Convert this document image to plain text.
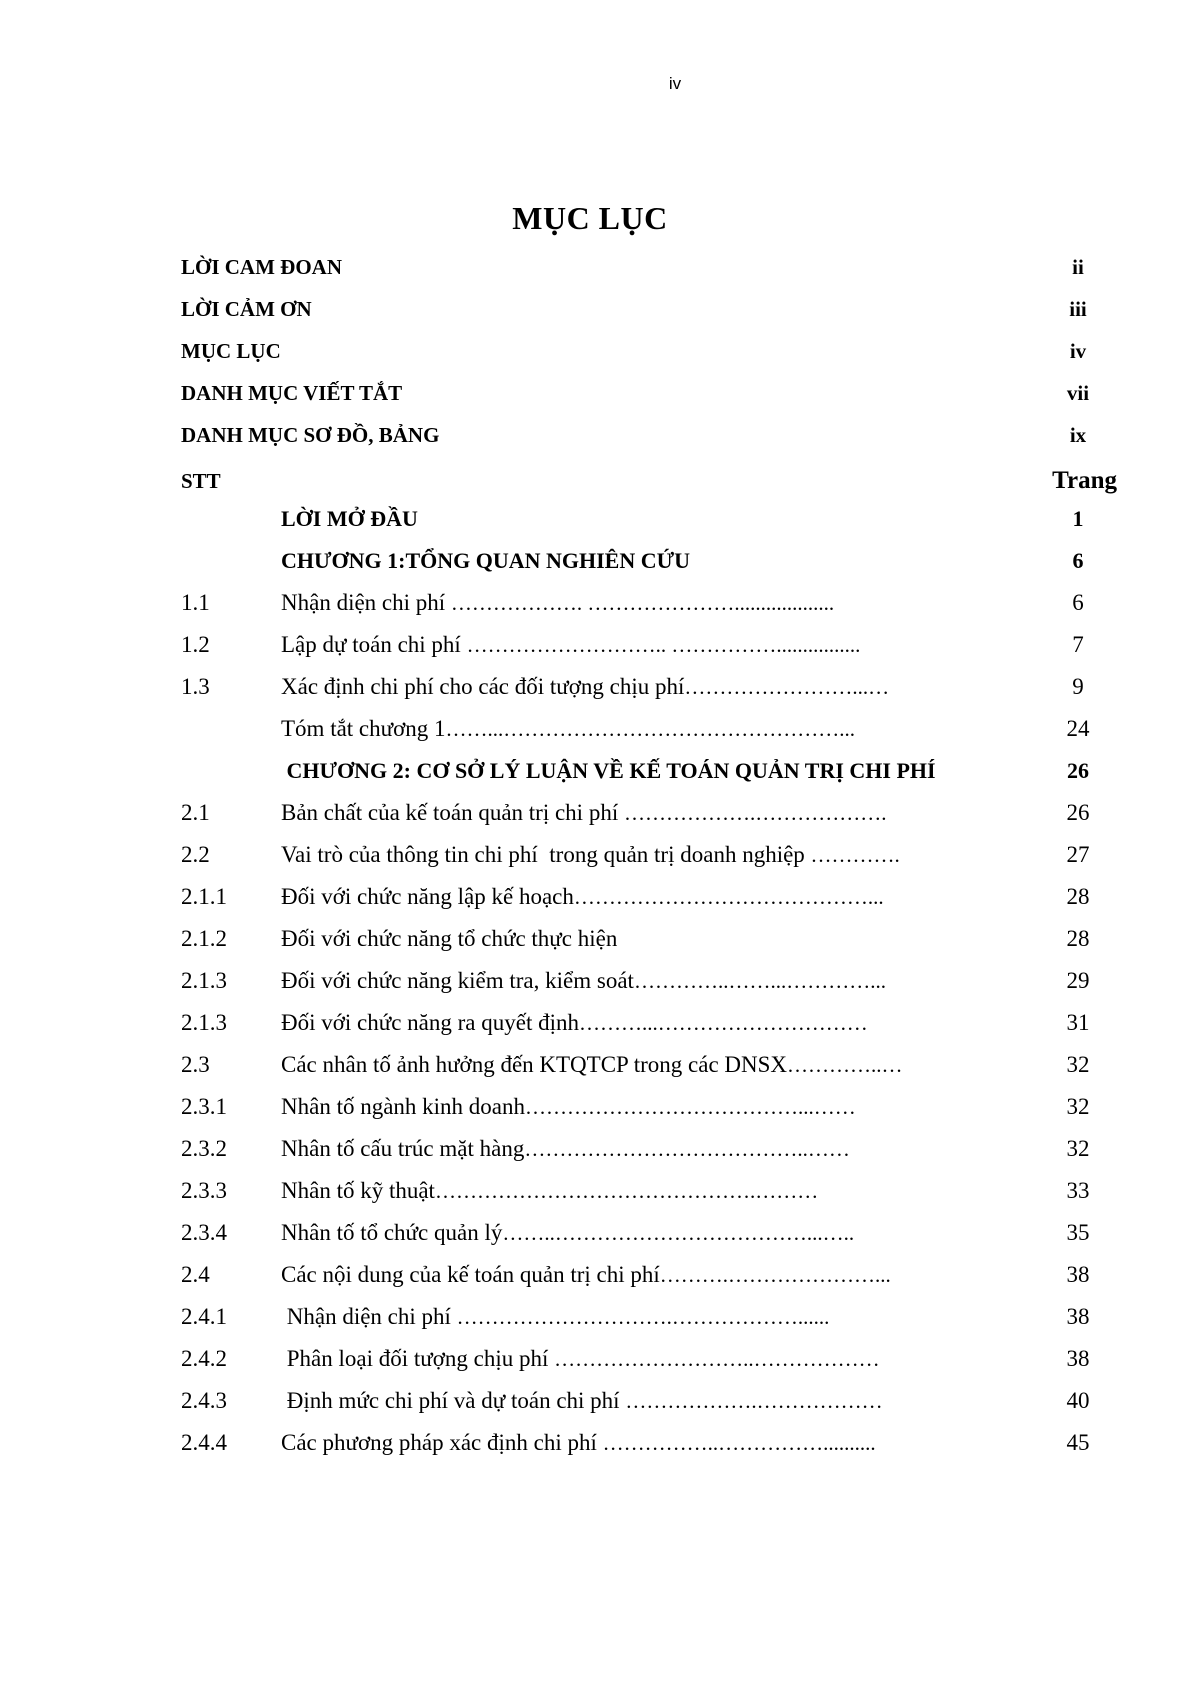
iv
MỤC LỤC
LỜI CAM ĐOAN	ii
LỜI CẢM ƠN	iii
MỤC LỤC	iv
DANH MỤC VIẾT TẮT	vii
DANH MỤC SƠ ĐỒ, BẢNG	ix
STT	Trang
LỜI MỞ ĐẦU	1
CHƯƠNG 1:TỔNG QUAN NGHIÊN CỨU	6
1.1	Nhận diện chi phí ………………. …………………...................	6
1.2	Lập dự toán chi phí ……………………….. ……………................	7
1.3	Xác định chi phí cho các đối tượng chịu phí……………………...…	9
Tóm tắt chương 1……...…………………………………………...	24
CHƯƠNG 2: CƠ SỞ LÝ LUẬN VỀ KẾ TOÁN QUẢN TRỊ CHI PHÍ	26
2.1	Bản chất của kế toán quản trị chi phí ……………….……………….	26
2.2	Vai trò của thông tin chi phí  trong quản trị doanh nghiệp ………….	27
2.1.1 Đối với chức năng lập kế hoạch……………………………………...	28
2.1.2 Đối với chức năng tổ chức thực hiện	28
2.1.3 Đối với chức năng kiểm tra, kiểm soát…………..……...…………...	29
2.1.3 Đối với chức năng ra quyết định………...…………………………	31
2.3	Các nhân tố ảnh hưởng đến KTQTCP trong các DNSX…………..…	32
2.3.1 Nhân tố ngành kinh doanh…………………………………...……	32
2.3.2 Nhân tố cấu trúc mặt hàng…………………………………..……	32
2.3.3 Nhân tố kỹ thuật……………………………………….………	33
2.3.4 Nhân tố tổ chức quản lý……..………………………………...…..	35
2.4	Các nội dung của kế toán quản trị chi phí……….…………………...	38
2.4.1 Nhận diện chi phí ………………………….………………......	38
2.4.2 Phân loại đối tượng chịu phí ………………………..………………	38
2.4.3 Định mức chi phí và dự toán chi phí ……………….………………	40
2.4.4 Các phương pháp xác định chi phí ……………..……………..........	45
